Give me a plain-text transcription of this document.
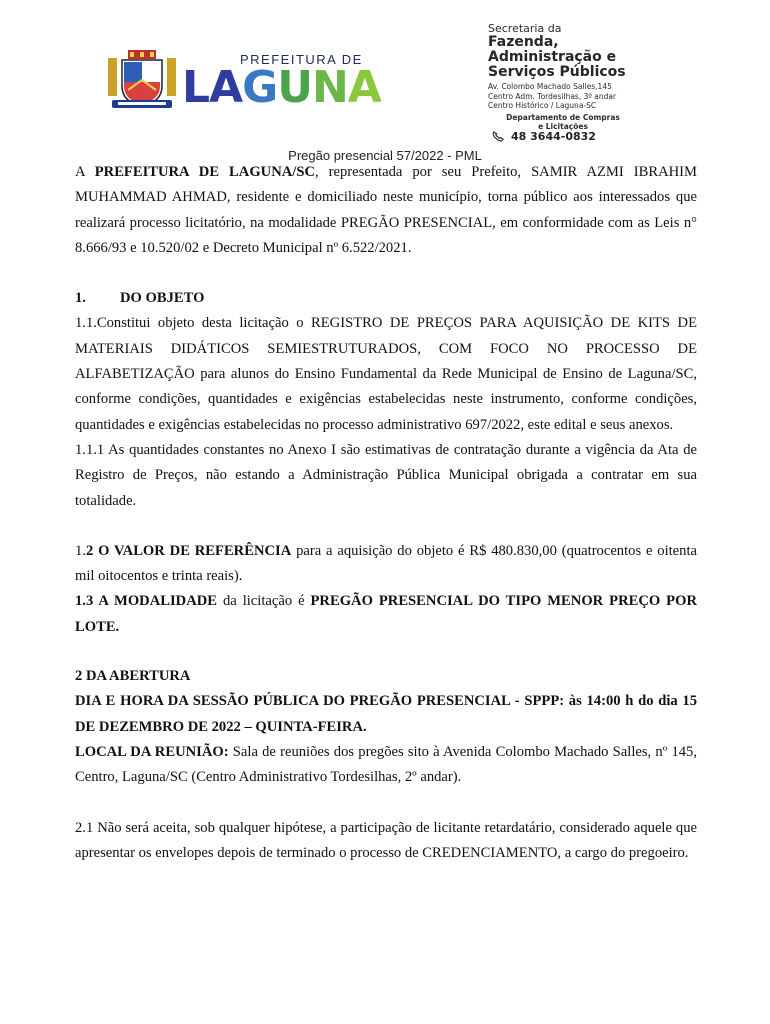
PREFEITURA DE
LAGUNA
Secretaria da
Fazenda,
Administração e
Serviços Públicos
Av. Colombo Machado Salles,145
Centro Adm. Tordesilhas, 3º andar
Centro Histórico / Laguna-SC
Departamento de Compras
e Licitações
48 3644-0832
Pregão presencial 57/2022 - PML

A PREFEITURA DE LAGUNA/SC, representada por seu Prefeito, SAMIR AZMI IBRAHIM MUHAMMAD AHMAD, residente e domiciliado neste município, torna público aos interessados que realizará processo licitatório, na modalidade PREGÃO PRESENCIAL, em conformidade com as Leis n° 8.666/93 e 10.520/02 e Decreto Municipal nº 6.522/2021.

1. DO OBJETO

1.1.Constitui objeto desta licitação o REGISTRO DE PREÇOS PARA AQUISIÇÃO DE KITS DE MATERIAIS DIDÁTICOS SEMIESTRUTURADOS, COM FOCO NO PROCESSO DE ALFABETIZAÇÃO para alunos do Ensino Fundamental da Rede Municipal de Ensino de Laguna/SC, conforme condições, quantidades e exigências estabelecidas neste instrumento, conforme condições, quantidades e exigências estabelecidas no processo administrativo 697/2022, este edital e seus anexos.

1.1.1 As quantidades constantes no Anexo I são estimativas de contratação durante a vigência da Ata de Registro de Preços, não estando a Administração Pública Municipal obrigada a contratar em sua totalidade.

1.2 O VALOR DE REFERÊNCIA para a aquisição do objeto é R$ 480.830,00 (quatrocentos e oitenta mil oitocentos e trinta reais).

1.3 A MODALIDADE da licitação é PREGÃO PRESENCIAL DO TIPO MENOR PREÇO POR LOTE.

2 DA ABERTURA

DIA E HORA DA SESSÃO PÚBLICA DO PREGÃO PRESENCIAL - SPPP: às 14:00 h do dia 15 DE DEZEMBRO DE 2022 – QUINTA-FEIRA.

LOCAL DA REUNIÃO: Sala de reuniões dos pregões sito à Avenida Colombo Machado Salles, nº 145, Centro, Laguna/SC (Centro Administrativo Tordesilhas, 2º andar).

2.1 Não será aceita, sob qualquer hipótese, a participação de licitante retardatário, considerado aquele que apresentar os envelopes depois de terminado o processo de CREDENCIAMENTO, a cargo do pregoeiro.
